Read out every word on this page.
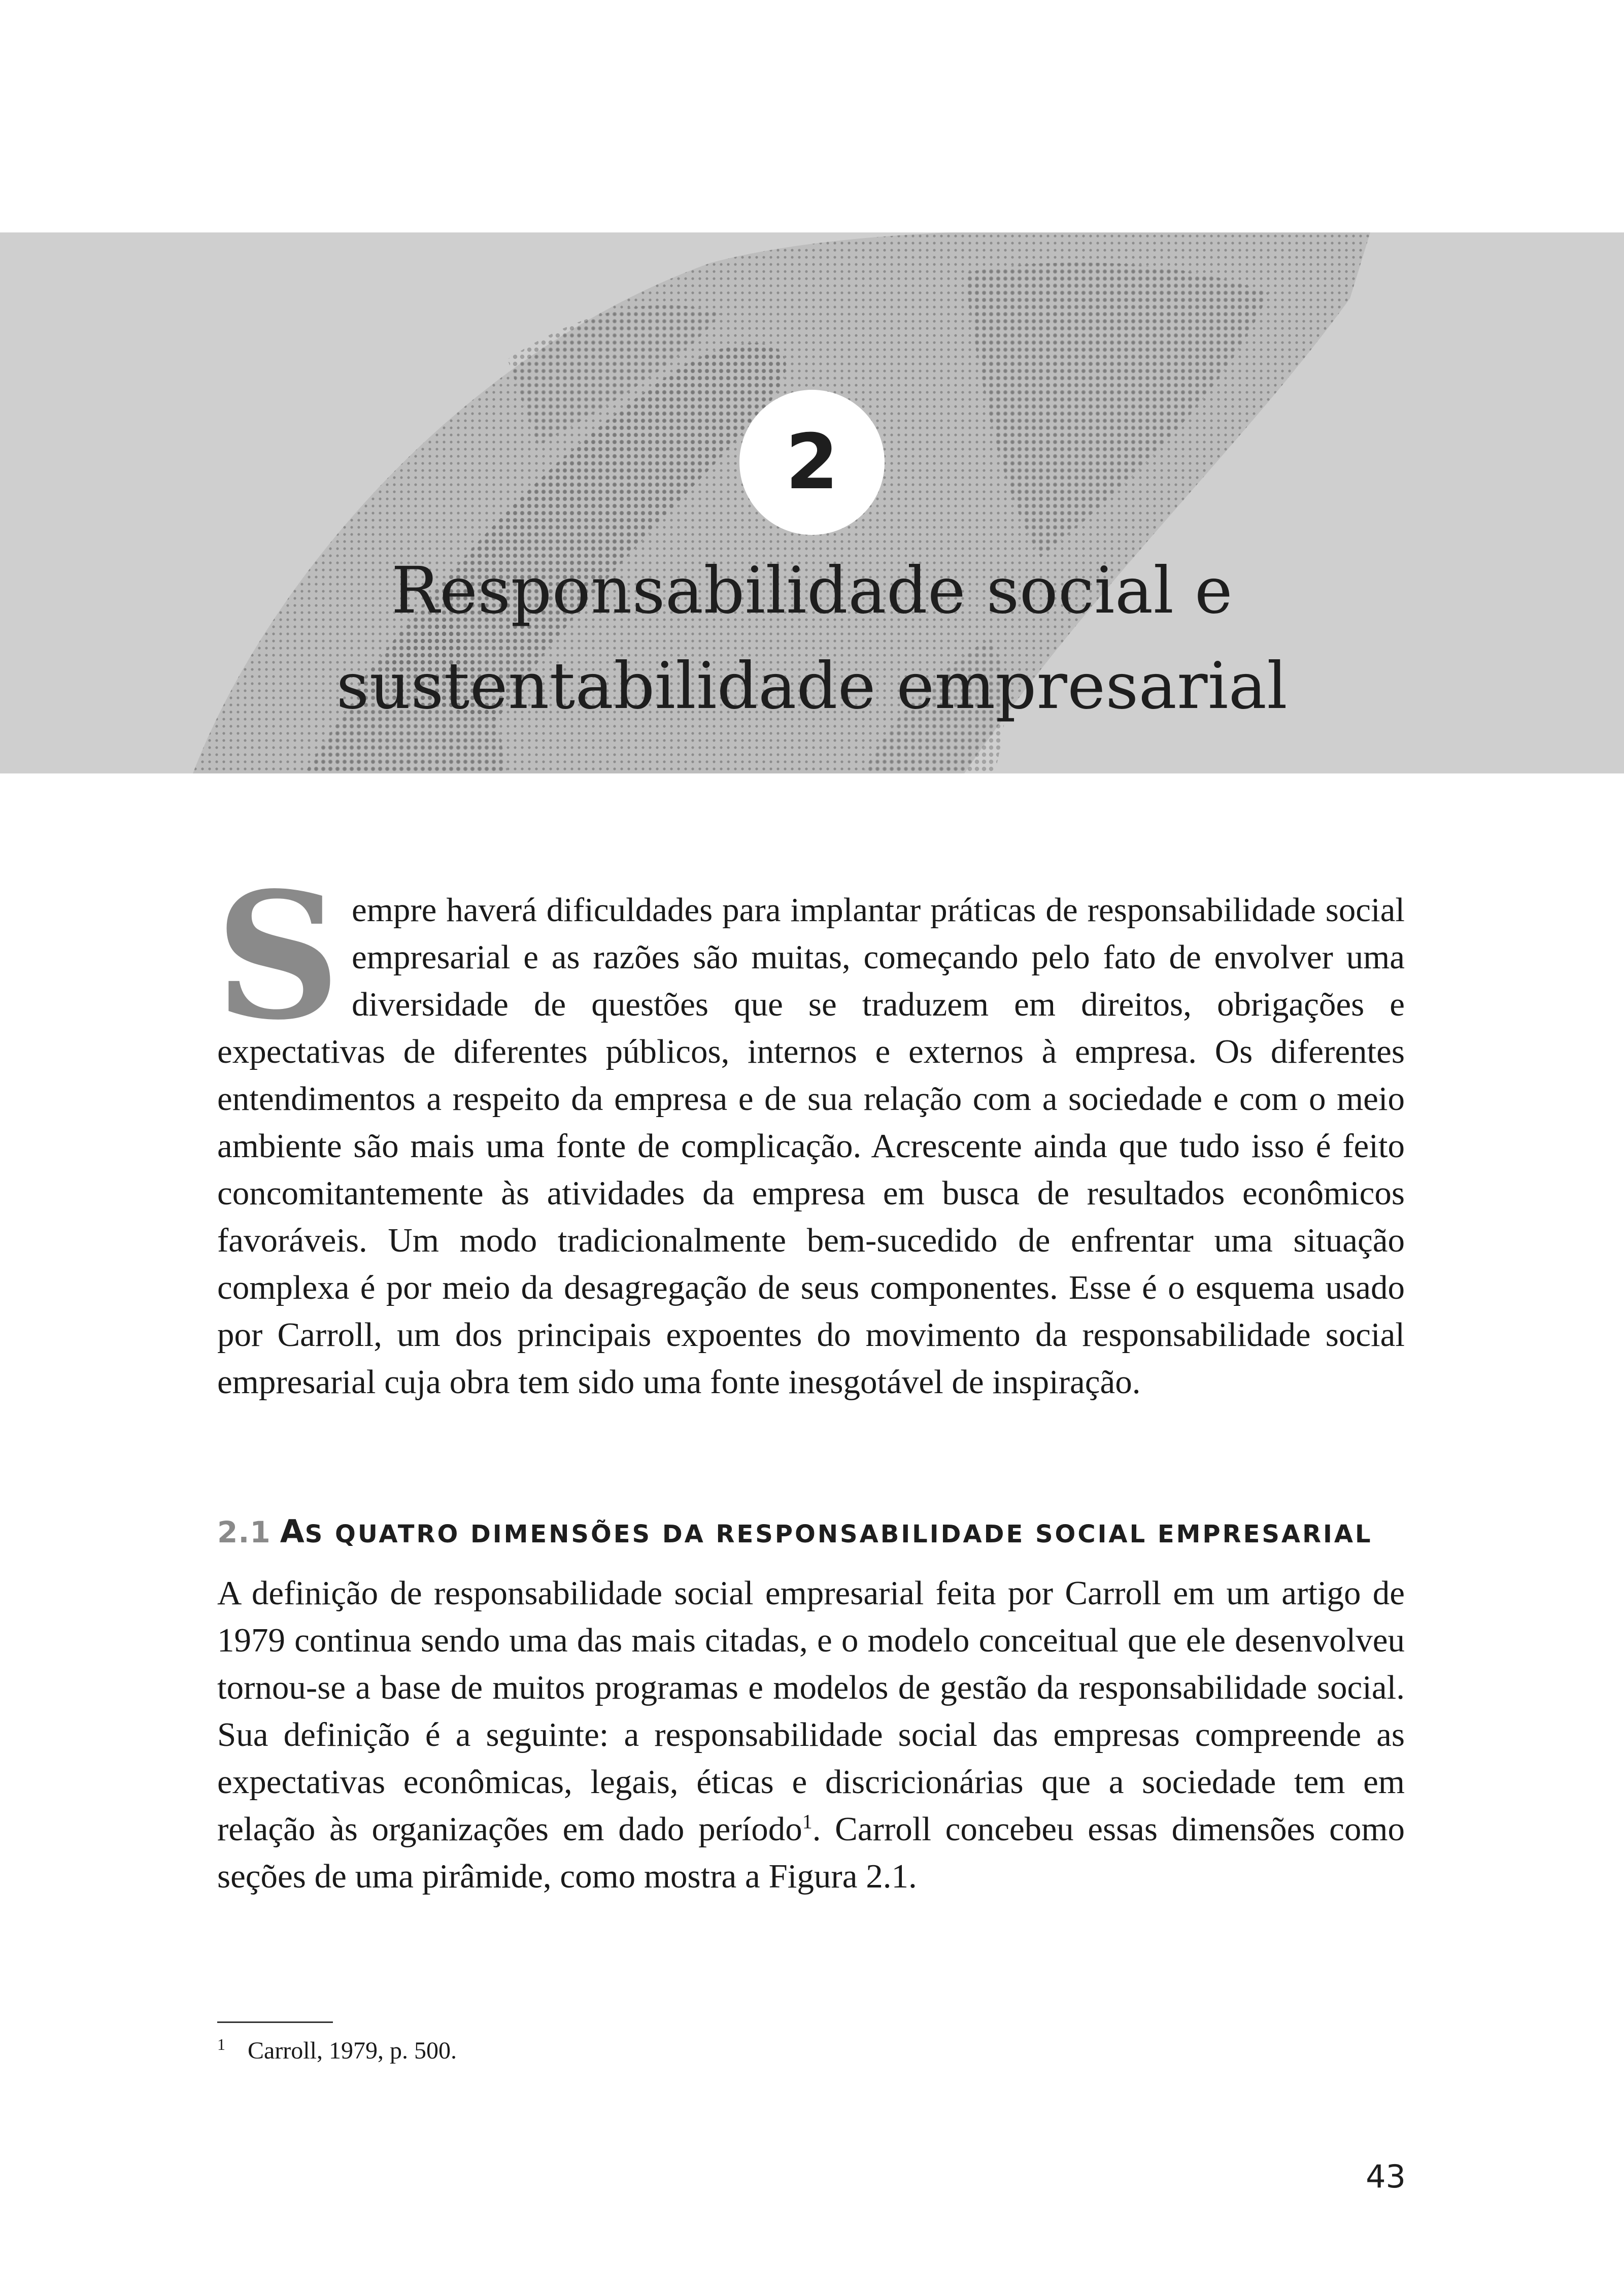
2
Responsabilidade social e
sustentabilidade empresarial
Sempre haverá dificuldades para implantar práticas de responsabilidade social empresarial e as razões são muitas, começando pelo fato de envolver uma diversidade de questões que se traduzem em direitos, obrigações e expectativas de diferentes públicos, internos e externos à empresa. Os diferentes entendimentos a respeito da empresa e de sua relação com a sociedade e com o meio ambiente são mais uma fonte de complicação. Acrescente ainda que tudo isso é feito concomitantemente às atividades da empresa em busca de resultados econômicos favoráveis. Um modo tradicionalmente bem-sucedido de enfrentar uma situação complexa é por meio da desagregação de seus componentes. Esse é o esquema usado por Carroll, um dos principais expoentes do movimento da responsabilidade social empresarial cuja obra tem sido uma fonte inesgotável de inspiração.
2.1 AS QUATRO DIMENSÕES DA RESPONSABILIDADE SOCIAL EMPRESARIAL
A definição de responsabilidade social empresarial feita por Carroll em um artigo de 1979 continua sendo uma das mais citadas, e o modelo conceitual que ele desenvolveu tornou-se a base de muitos programas e modelos de gestão da responsabilidade social. Sua definição é a seguinte: a responsabilidade social das empresas compreende as expectativas econômicas, legais, éticas e discricionárias que a sociedade tem em relação às organizações em dado período$^1$. Carroll concebeu essas dimensões como seções de uma pirâmide, como mostra a Figura 2.1.
$^1$ Carroll, 1979, p. 500.
43
